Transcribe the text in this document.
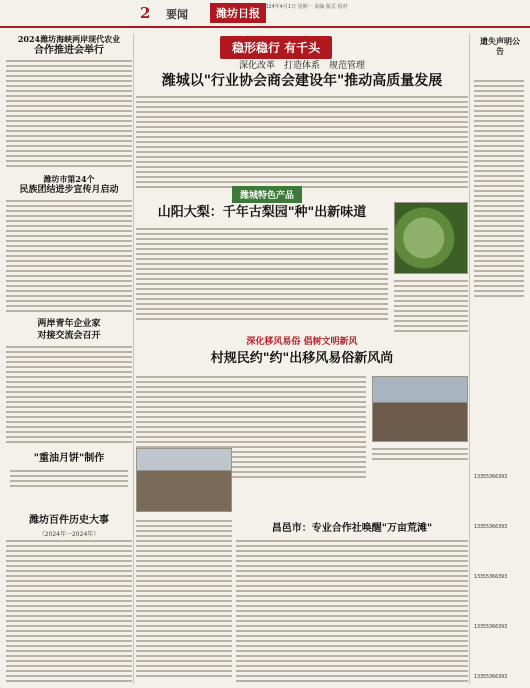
2 要闻	潍坊日报 2024年4月1日 星期一 责编 版式 校对
2024潍坊海峡两岸现代农业
合作推进会举行
潍坊市第24个
民族团结进步宣传月启动
两岸青年企业家
对接交流会召开
"重油月饼"制作
潍坊百件历史大事
（2024年一2024年）
稳形稳行 有千头
深化改革　打造体系　规范管理
潍城以"行业协会商会建设年"推动高质量发展
潍城特色产品
山阳大梨：千年古梨园"种"出新味道
深化移风易俗 倡树文明新风
村规民约"约"出移风易俗新风尚
昌邑市：专业合作社唤醒"万亩荒滩"
遗失声明公告
13355366393
13355366393
13355366393
13355366393
13355366393
